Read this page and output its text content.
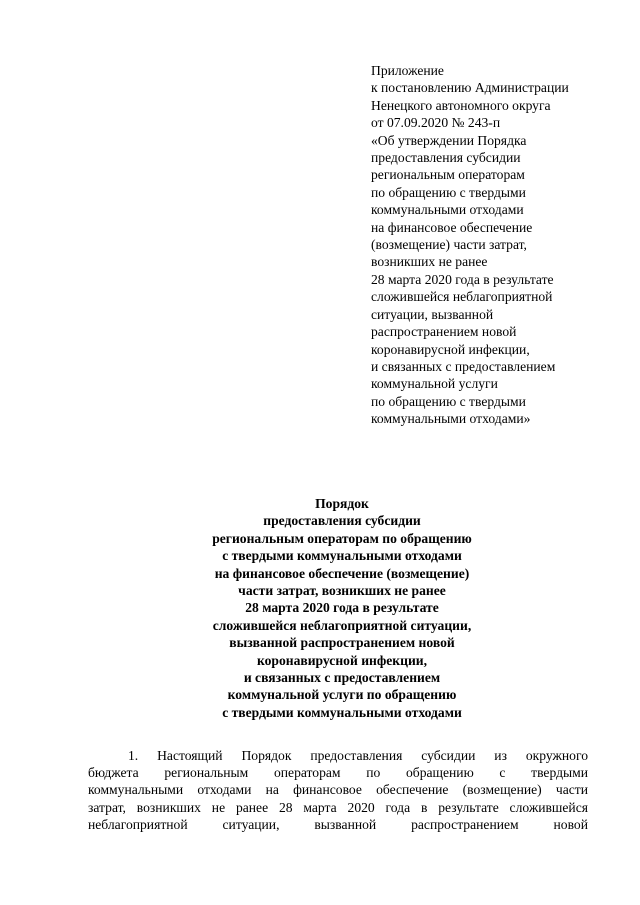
Приложение
к постановлению Администрации
Ненецкого автономного округа
от 07.09.2020 № 243-п
«Об утверждении Порядка
предоставления субсидии
региональным операторам
по обращению с твердыми
коммунальными отходами
на финансовое обеспечение
(возмещение) части затрат,
возникших не ранее
28 марта 2020 года в результате
сложившейся неблагоприятной
ситуации, вызванной
распространением новой
коронавирусной инфекции,
и связанных с предоставлением
коммунальной услуги
по обращению с твердыми
коммунальными отходами»
Порядок
предоставления субсидии
региональным операторам по обращению
с твердыми коммунальными отходами
на финансовое обеспечение (возмещение)
части затрат, возникших не ранее
28 марта 2020 года в результате
сложившейся неблагоприятной ситуации,
вызванной распространением новой
коронавирусной инфекции,
и связанных с предоставлением
коммунальной услуги по обращению
с твердыми коммунальными отходами
1. Настоящий Порядок предоставления субсидии из окружного
бюджета региональным операторам по обращению с твердыми
коммунальными отходами на финансовое обеспечение (возмещение) части
затрат, возникших не ранее 28 марта 2020 года в результате сложившейся
неблагоприятной ситуации, вызванной распространением новой
